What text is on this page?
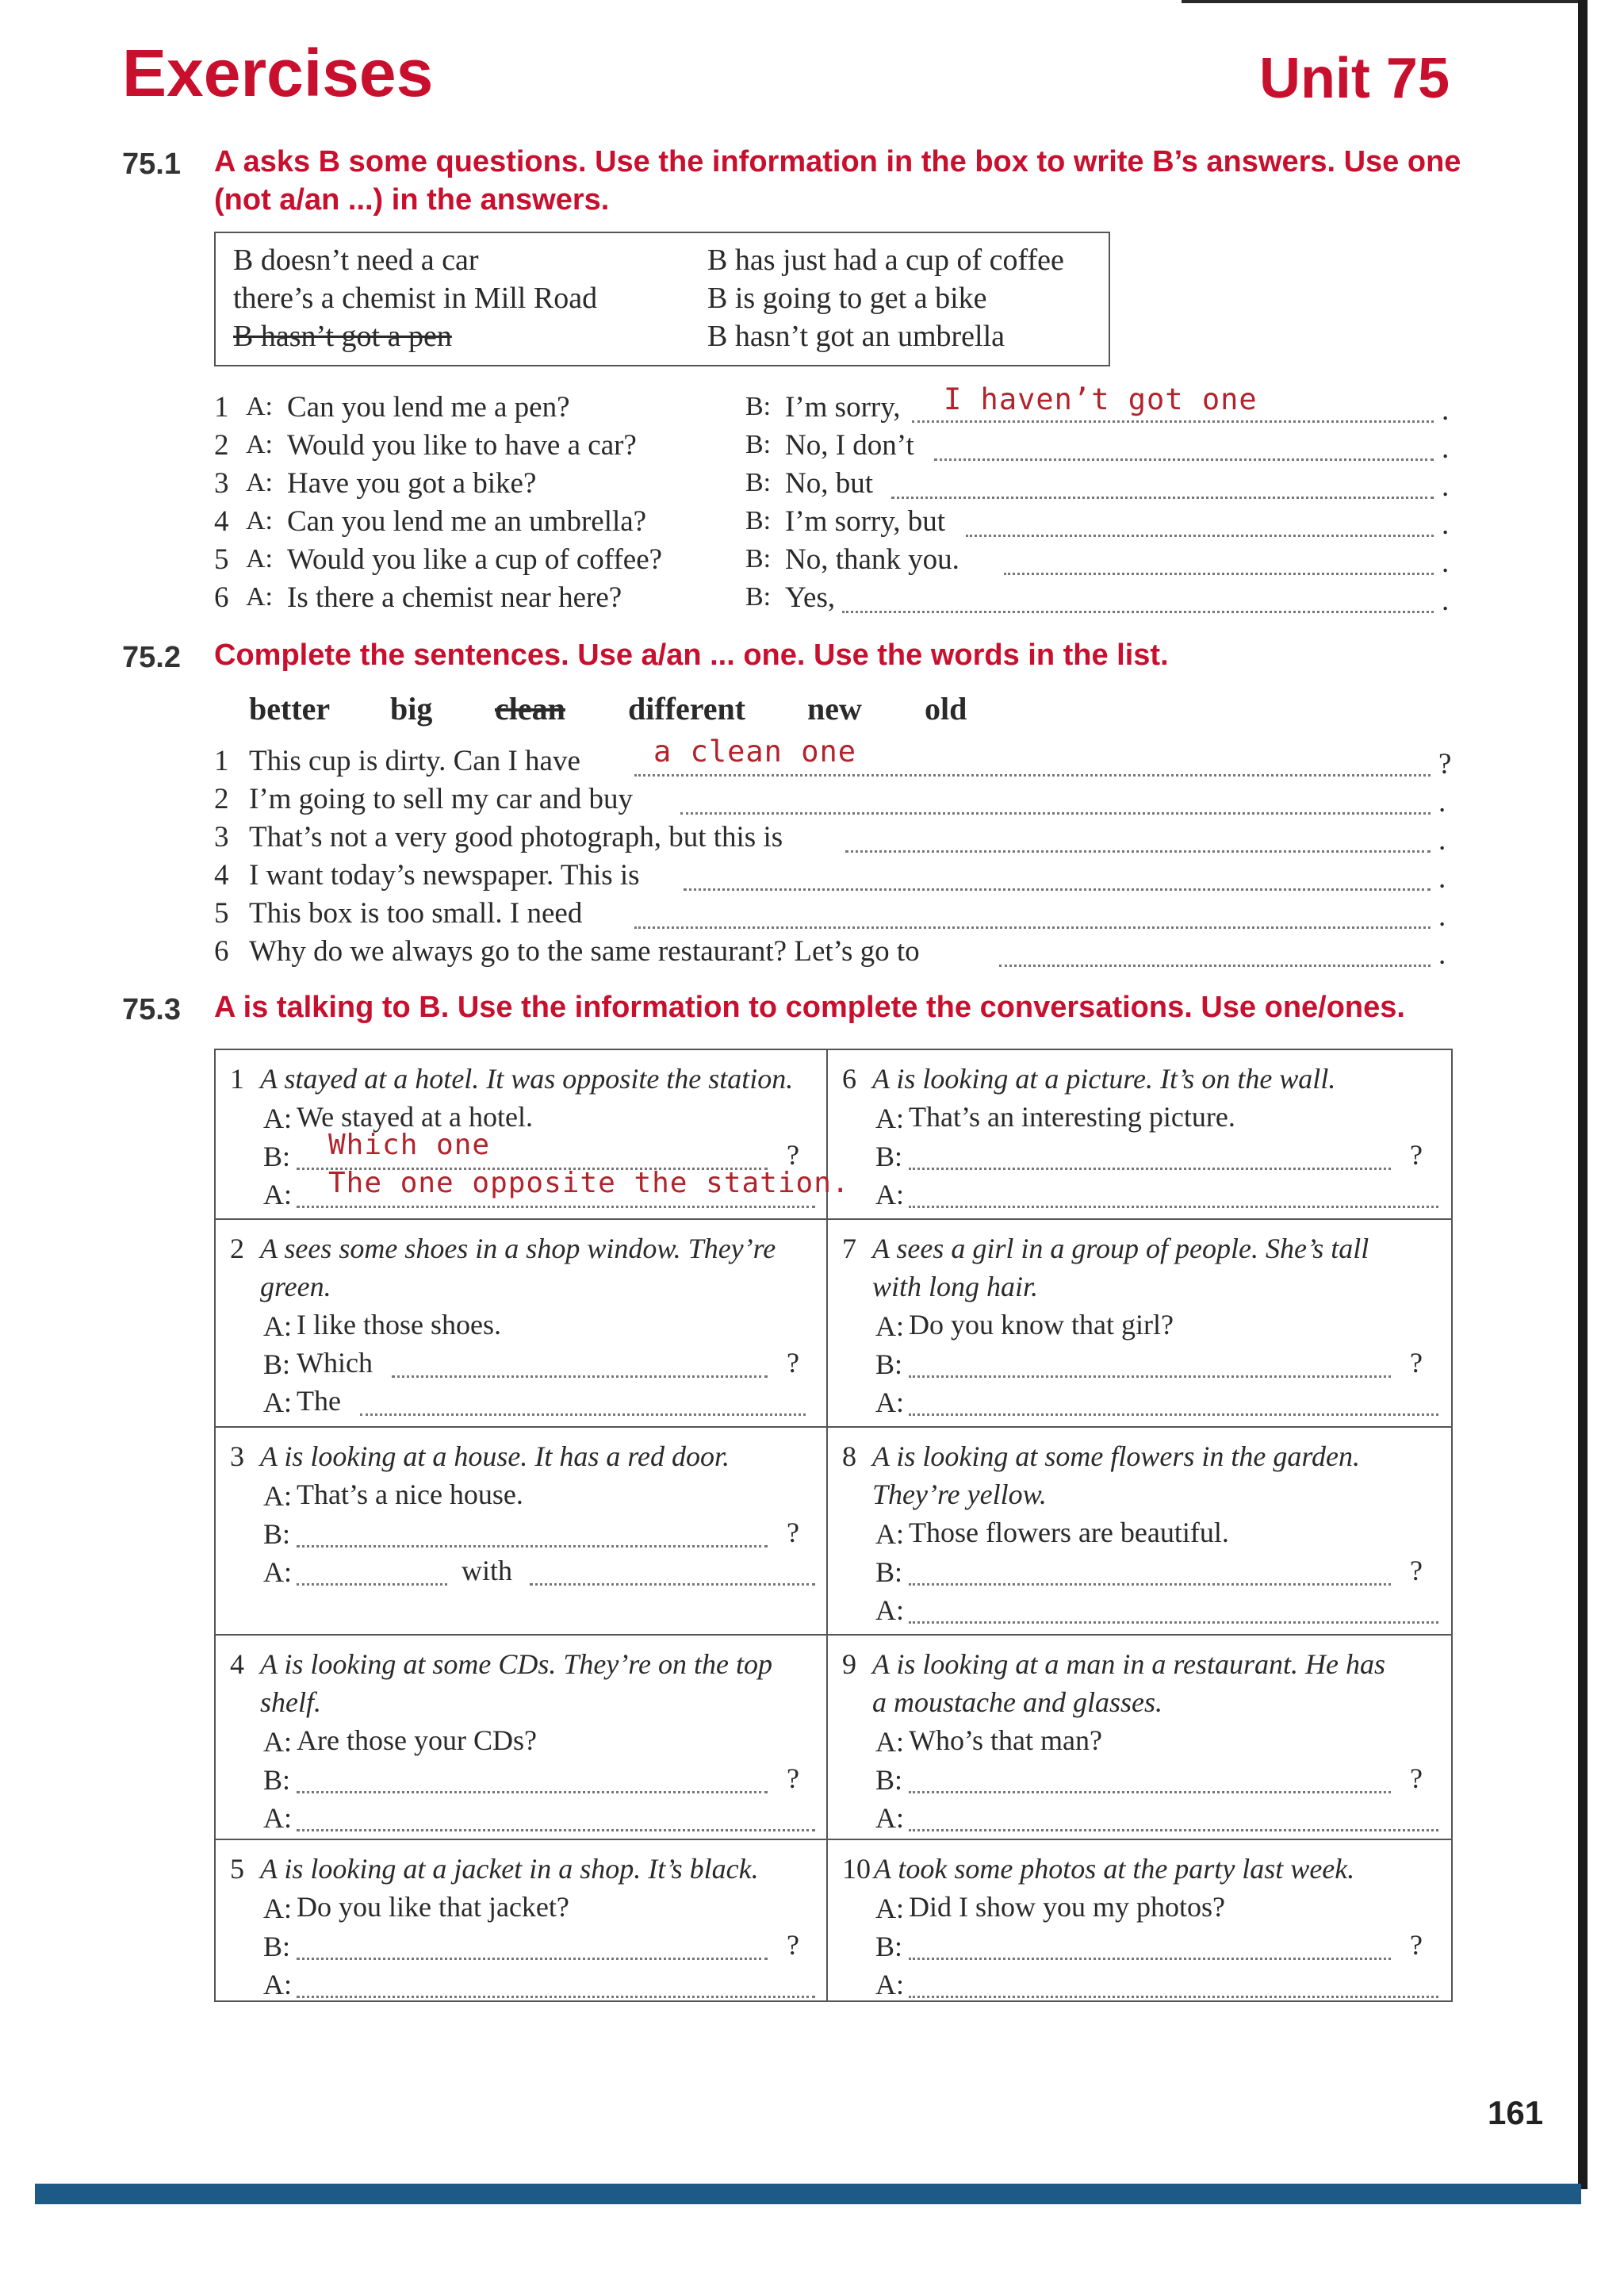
Exercises	Unit 75
75.1 A asks B some questions. Use the information in the box to write B’s answers. Use one
(not a/an ...) in the answers.
B doesn’t need a car
there’s a chemist in Mill Road
B hasn’t got a pen
B has just had a cup of coffee
B is going to get a bike
B hasn’t got an umbrella
1 A: Can you lend me a pen?	B: I’m sorry, I haven’t got one	.
2 A: Would you like to have a car?	B: No, I don’t	.
3 A: Have you got a bike?	B: No, but	.
4 A: Can you lend me an umbrella?	B: I’m sorry, but	.
5 A: Would you like a cup of coffee?	B: No, thank you.	.
6 A: Is there a chemist near here?	B: Yes,	.
75.2 Complete the sentences. Use a/an ... one. Use the words in the list.
better big clean different new old
1 This cup is dirty. Can I have a clean one	?
2 I’m going to sell my car and buy	.
3 That’s not a very good photograph, but this is	.
4 I want today’s newspaper. This is	.
5 This box is too small. I need	.
6 Why do we always go to the same restaurant? Let’s go to	.
75.3 A is talking to B. Use the information to complete the conversations. Use one/ones.
1 A stayed at a hotel. It was opposite the station.
A: We stayed at a hotel.
B: Which one	?
A: The one opposite the station.
6 A is looking at a picture. It’s on the wall.
A: That’s an interesting picture.
B:	?
A:
2 A sees some shoes in a shop window. They’re
green.
A: I like those shoes.
B: Which	?
A: The
7 A sees a girl in a group of people. She’s tall
with long hair.
A: Do you know that girl?
B:	?
A:
3 A is looking at a house. It has a red door.
A: That’s a nice house.
B:	?
A:	with
8 A is looking at some flowers in the garden.
They’re yellow.
A: Those flowers are beautiful.
B:	?
A:
4 A is looking at some CDs. They’re on the top
shelf.
A: Are those your CDs?
B:	?
A:
9 A is looking at a man in a restaurant. He has
a moustache and glasses.
A: Who’s that man?
B:	?
A:
5 A is looking at a jacket in a shop. It’s black.
A: Do you like that jacket?
B:	?
A:
10 A took some photos at the party last week.
A: Did I show you my photos?
B:	?
A:
161
